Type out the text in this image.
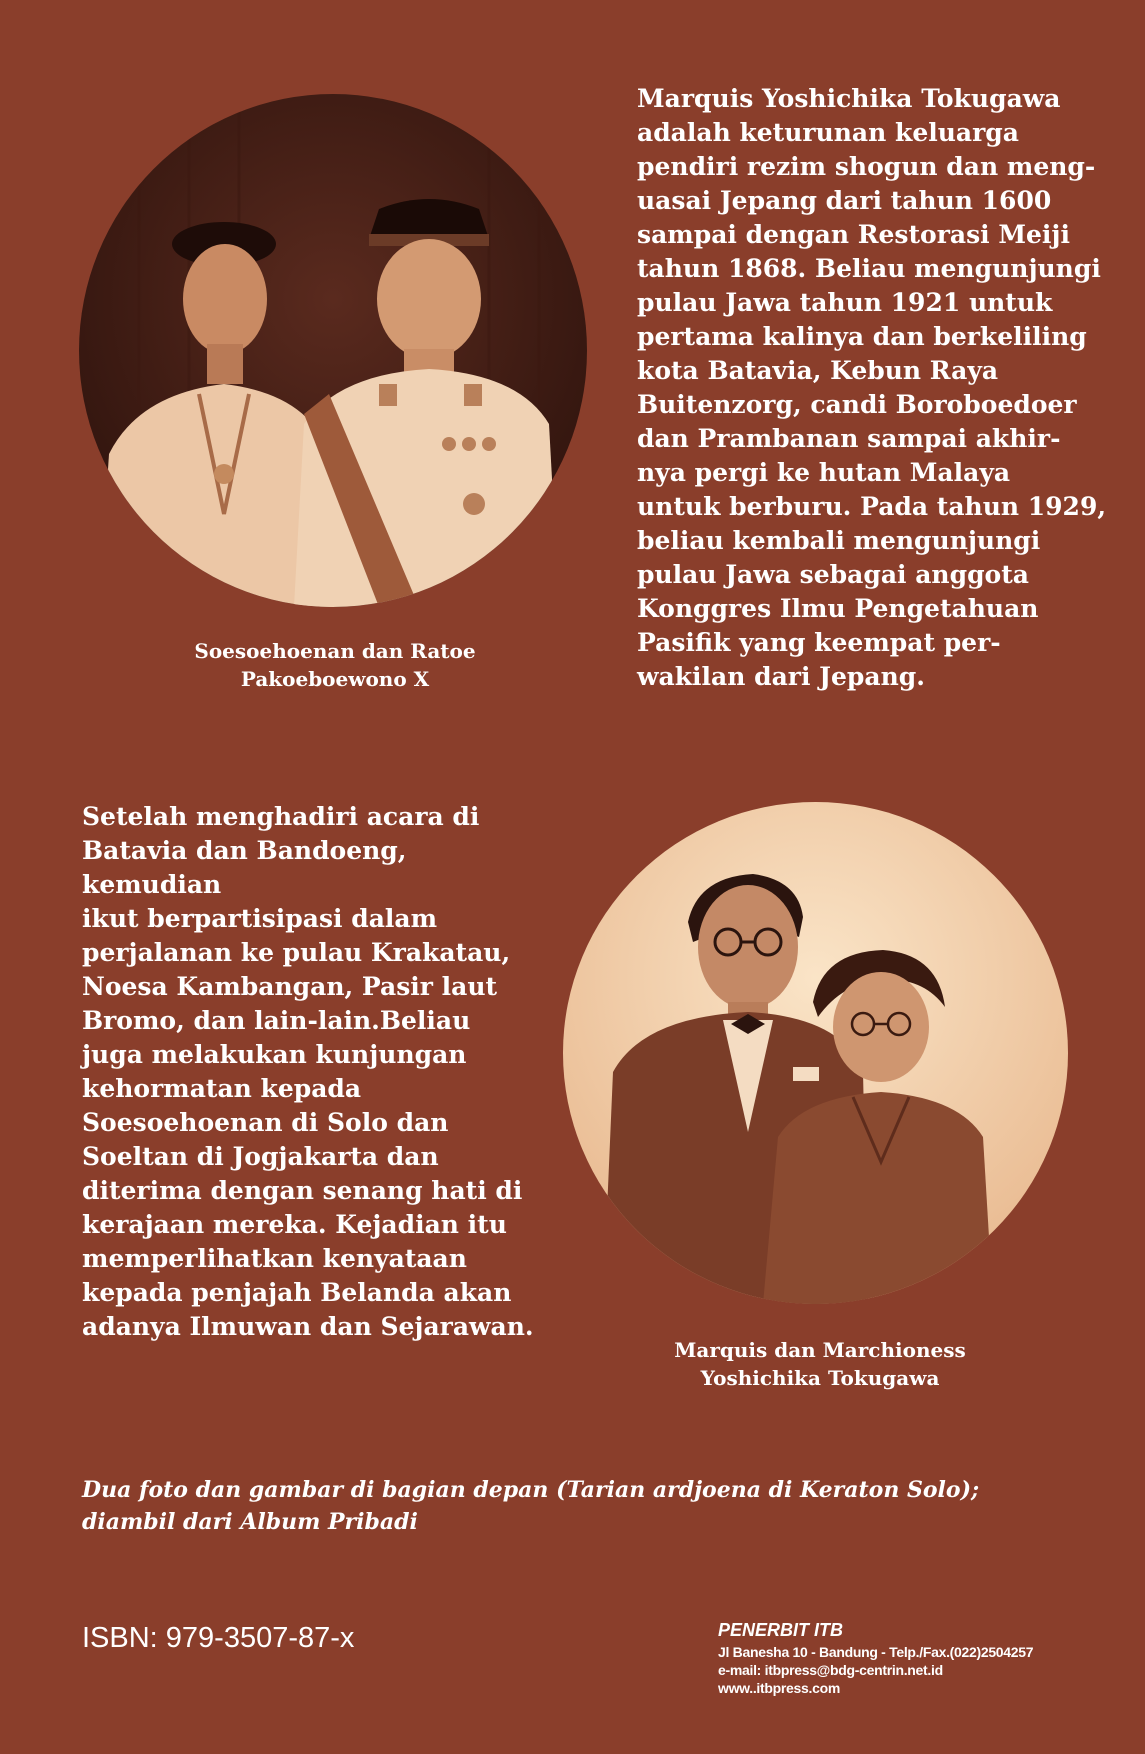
Marquis Yoshichika Tokugawa
adalah keturunan keluarga
pendiri rezim shogun dan meng-
uasai Jepang dari tahun 1600
sampai dengan Restorasi Meiji
tahun 1868. Beliau mengunjungi
pulau Jawa tahun 1921 untuk
pertama kalinya dan berkeliling
kota Batavia, Kebun Raya
Buitenzorg, candi Boroboedoer
dan Prambanan sampai akhir-
nya pergi ke hutan Malaya
untuk berburu. Pada tahun 1929,
beliau kembali mengunjungi
pulau Jawa sebagai anggota
Konggres Ilmu Pengetahuan
Pasifik yang keempat per-
wakilan dari Jepang.

Soesoehoenan dan Ratoe
Pakoeboewono X

Setelah menghadiri acara di
Batavia dan Bandoeng, kemudian
ikut berpartisipasi dalam
perjalanan ke pulau Krakatau,
Noesa Kambangan, Pasir laut
Bromo, dan lain-lain.Beliau
juga melakukan kunjungan
kehormatan kepada
Soesoehoenan di Solo dan
Soeltan di Jogjakarta dan
diterima dengan senang hati di
kerajaan mereka. Kejadian itu
memperlihatkan kenyataan
kepada penjajah Belanda akan
adanya Ilmuwan dan Sejarawan.

Marquis dan Marchioness
Yoshichika Tokugawa

Dua foto dan gambar di bagian depan (Tarian ardjoena di Keraton Solo);
diambil dari Album Pribadi

ISBN: 979-3507-87-x	PENERBIT ITB

Jl Banesha 10 - Bandung - Telp./Fax.(022)2504257

e-mail: itbpress@bdg-centrin.net.id

www..itbpress.com
